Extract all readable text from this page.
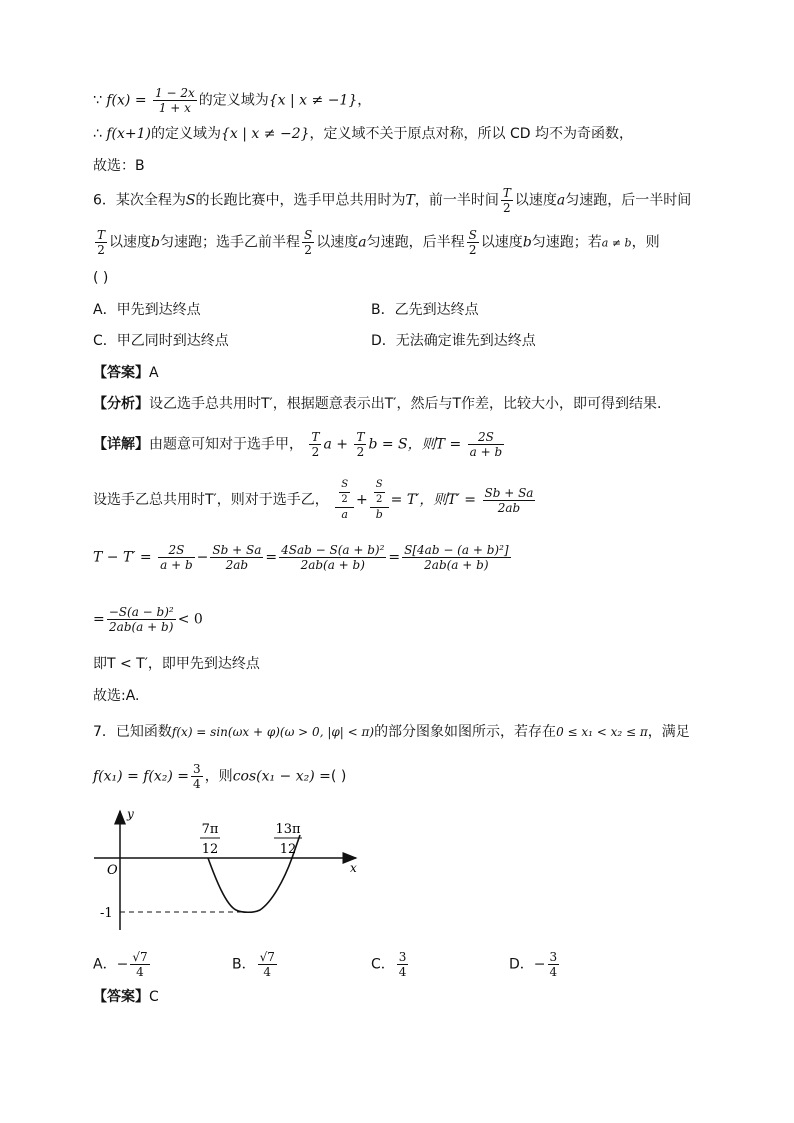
∵ $f(x) = \frac{1 - 2x}{1 + x}$ 的定义域为{x | x ≠ −1}，
∴ f(x+1)的定义域为{x | x ≠ −2}，定义域不关于原点对称，所以 CD 均不为奇函数，
故选：B
6．某次全程为S的长跑比赛中，选手甲总共用时为T，前一半时间 $\frac{T}{2}$ 以速度a匀速跑，后一半时间
$\frac{T}{2}$ 以速度b匀速跑；选手乙前半程 $\frac{S}{2}$ 以速度a匀速跑，后半程 $\frac{S}{2}$ 以速度b匀速跑；若a ≠ b，则
( )
A．甲先到达终点	B．乙先到达终点
C．甲乙同时到达终点	D．无法确定谁先到达终点
【答案】A
【分析】设乙选手总共用时T′，根据题意表示出T′，然后与T作差，比较大小，即可得到结果.
【详解】由题意可知对于选手甲， $\frac{T}{2}$ $a + \frac{T}{2}$ b = S，则$T = \frac{2S}{a + b}$
设选手乙总共用时T′，则对于选手乙， $\frac{\frac{S}{2}}{a} + \frac{\frac{S}{2}}{b} = T'$，则$T' = \frac{Sb + Sa}{2ab}$
$T - T' = \frac{2S}{a + b} - \frac{Sb + Sa}{2ab} = \frac{\text{4Sab − S(a + b)²}}{2ab(a + b)} = \frac{\text{S[4ab − (a + b)²]}}{2ab(a + b)}$
= $\frac{\text{−S(a − b)²}}{2ab(a + b)} < 0$
即T < T′，即甲先到达终点
故选:A.
7．已知函数f(x) = sin(ωx + φ)(ω > 0, |φ| < π)的部分图象如图所示，若存在0 ≤ x₁ < x₂ ≤ π，满足
$f(x_1) = f(x_2) = \frac{3}{4}$ ，则cos(x₁ − x₂) =( )
y
x
O
-1
7π
12
13π
12
A．− $\frac{√7}{4}$	B． $\frac{√7}{4}$	C． $\frac{3}{4}$	D．− $\frac{3}{4}$
【答案】C
